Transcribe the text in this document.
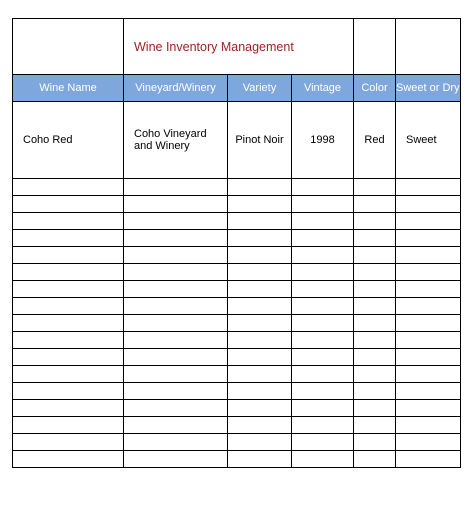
	Wine Inventory Management				
Wine Name	Vineyard/Winery	Variety	Vintage	Color	Sweet or Dry
Coho Red	Coho Vineyard and Winery	Pinot Noir	1998	Red	Sweet
